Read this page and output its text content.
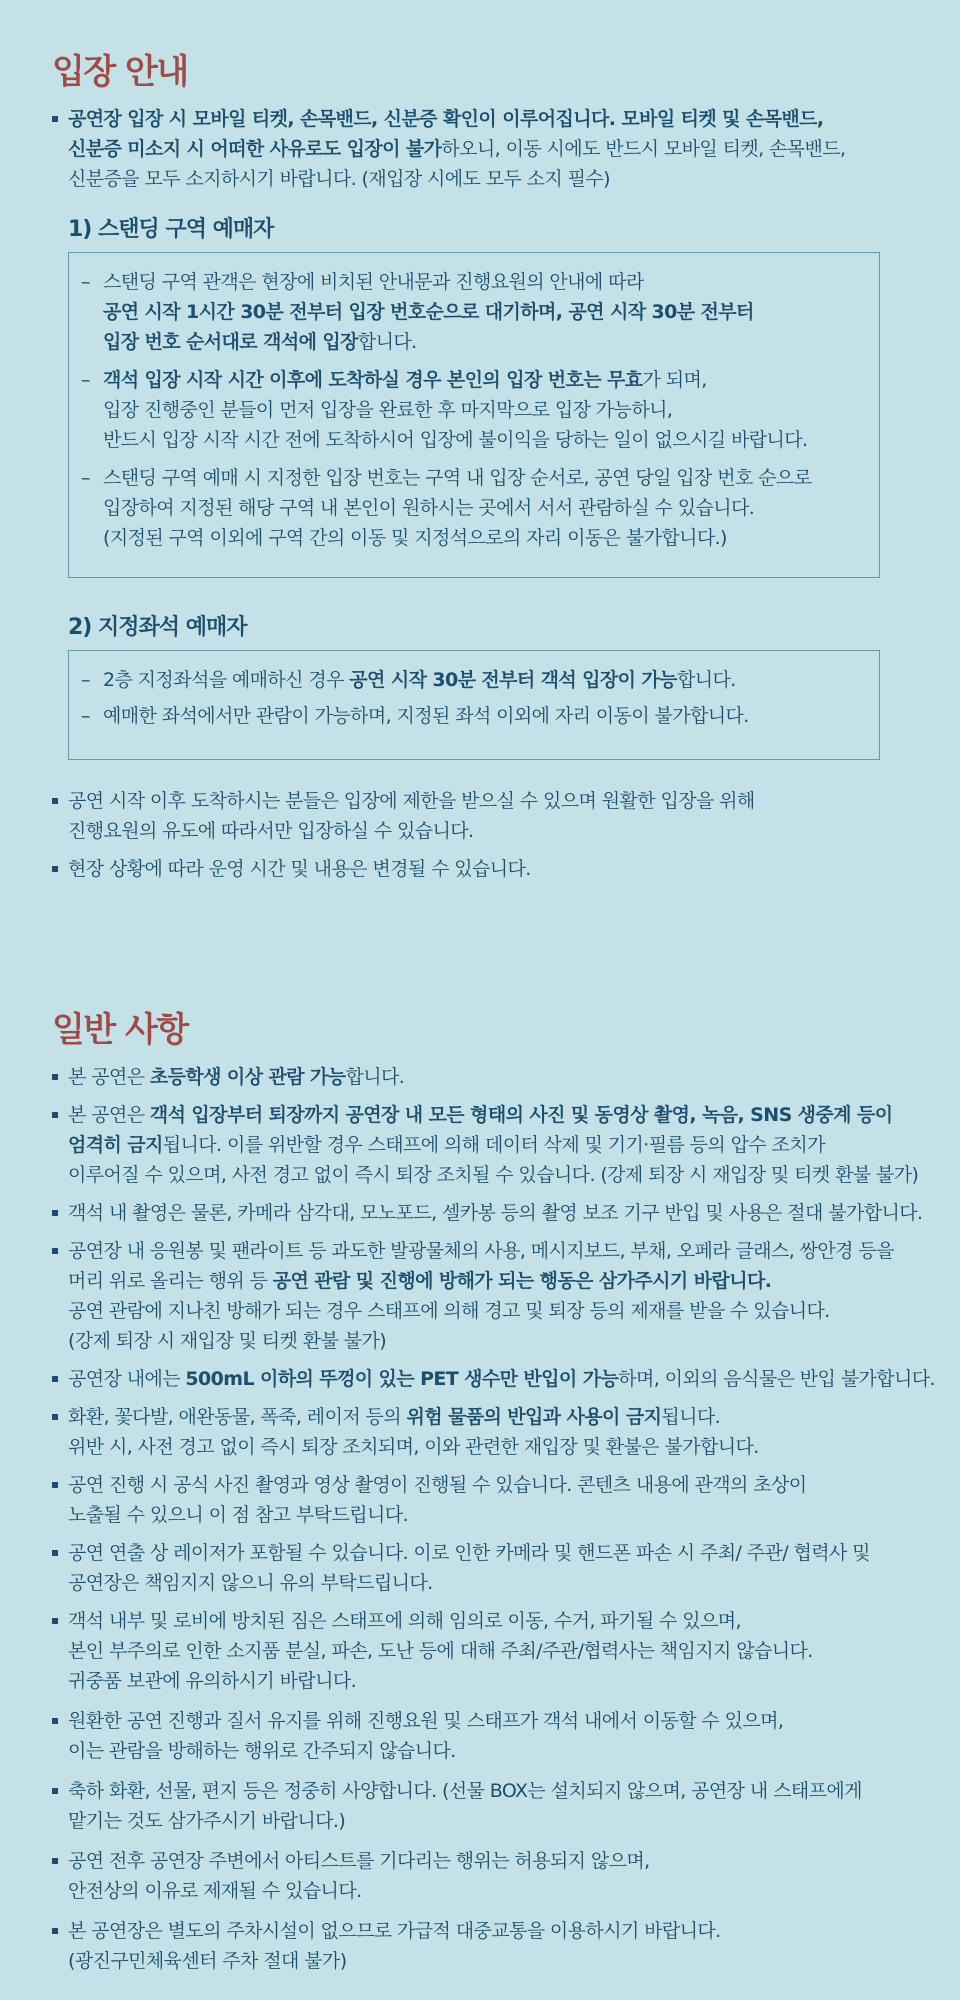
입장 안내
공연장 입장 시 모바일 티켓, 손목밴드, 신분증 확인이 이루어집니다. 모바일 티켓 및 손목밴드,
신분증 미소지 시 어떠한 사유로도 입장이 불가하오니, 이동 시에도 반드시 모바일 티켓, 손목밴드,
신분증을 모두 소지하시기 바랍니다. (재입장 시에도 모두 소지 필수)
1) 스탠딩 구역 예매자
– 스탠딩 구역 관객은 현장에 비치된 안내문과 진행요원의 안내에 따라
공연 시작 1시간 30분 전부터 입장 번호순으로 대기하며, 공연 시작 30분 전부터
입장 번호 순서대로 객석에 입장합니다.
– 객석 입장 시작 시간 이후에 도착하실 경우 본인의 입장 번호는 무효가 되며,
입장 진행중인 분들이 먼저 입장을 완료한 후 마지막으로 입장 가능하니,
반드시 입장 시작 시간 전에 도착하시어 입장에 불이익을 당하는 일이 없으시길 바랍니다.
– 스탠딩 구역 예매 시 지정한 입장 번호는 구역 내 입장 순서로, 공연 당일 입장 번호 순으로
입장하여 지정된 해당 구역 내 본인이 원하시는 곳에서 서서 관람하실 수 있습니다.
(지정된 구역 이외에 구역 간의 이동 및 지정석으로의 자리 이동은 불가합니다.)
2) 지정좌석 예매자
– 2층 지정좌석을 예매하신 경우 공연 시작 30분 전부터 객석 입장이 가능합니다.
– 예매한 좌석에서만 관람이 가능하며, 지정된 좌석 이외에 자리 이동이 불가합니다.
공연 시작 이후 도착하시는 분들은 입장에 제한을 받으실 수 있으며 원활한 입장을 위해
진행요원의 유도에 따라서만 입장하실 수 있습니다.
현장 상황에 따라 운영 시간 및 내용은 변경될 수 있습니다.
일반 사항
본 공연은 초등학생 이상 관람 가능합니다.
본 공연은 객석 입장부터 퇴장까지 공연장 내 모든 형태의 사진 및 동영상 촬영, 녹음, SNS 생중계 등이
엄격히 금지됩니다. 이를 위반할 경우 스태프에 의해 데이터 삭제 및 기기·필름 등의 압수 조치가
이루어질 수 있으며, 사전 경고 없이 즉시 퇴장 조치될 수 있습니다. (강제 퇴장 시 재입장 및 티켓 환불 불가)
객석 내 촬영은 물론, 카메라 삼각대, 모노포드, 셀카봉 등의 촬영 보조 기구 반입 및 사용은 절대 불가합니다.
공연장 내 응원봉 및 팬라이트 등 과도한 발광물체의 사용, 메시지보드, 부채, 오페라 글래스, 쌍안경 등을
머리 위로 올리는 행위 등 공연 관람 및 진행에 방해가 되는 행동은 삼가주시기 바랍니다.
공연 관람에 지나친 방해가 되는 경우 스태프에 의해 경고 및 퇴장 등의 제재를 받을 수 있습니다.
(강제 퇴장 시 재입장 및 티켓 환불 불가)
공연장 내에는 500mL 이하의 뚜껑이 있는 PET 생수만 반입이 가능하며, 이외의 음식물은 반입 불가합니다.
화환, 꽃다발, 애완동물, 폭죽, 레이저 등의 위험 물품의 반입과 사용이 금지됩니다.
위반 시, 사전 경고 없이 즉시 퇴장 조치되며, 이와 관련한 재입장 및 환불은 불가합니다.
공연 진행 시 공식 사진 촬영과 영상 촬영이 진행될 수 있습니다. 콘텐츠 내용에 관객의 초상이
노출될 수 있으니 이 점 참고 부탁드립니다.
공연 연출 상 레이저가 포함될 수 있습니다. 이로 인한 카메라 및 핸드폰 파손 시 주최/ 주관/ 협력사 및
공연장은 책임지지 않으니 유의 부탁드립니다.
객석 내부 및 로비에 방치된 짐은 스태프에 의해 임의로 이동, 수거, 파기될 수 있으며,
본인 부주의로 인한 소지품 분실, 파손, 도난 등에 대해 주최/주관/협력사는 책임지지 않습니다.
귀중품 보관에 유의하시기 바랍니다.
원환한 공연 진행과 질서 유지를 위해 진행요원 및 스태프가 객석 내에서 이동할 수 있으며,
이는 관람을 방해하는 행위로 간주되지 않습니다.
축하 화환, 선물, 편지 등은 정중히 사양합니다. (선물 BOX는 설치되지 않으며, 공연장 내 스태프에게
맡기는 것도 삼가주시기 바랍니다.)
공연 전후 공연장 주변에서 아티스트를 기다리는 행위는 허용되지 않으며,
안전상의 이유로 제재될 수 있습니다.
본 공연장은 별도의 주차시설이 없으므로 가급적 대중교통을 이용하시기 바랍니다.
(광진구민체육센터 주차 절대 불가)
